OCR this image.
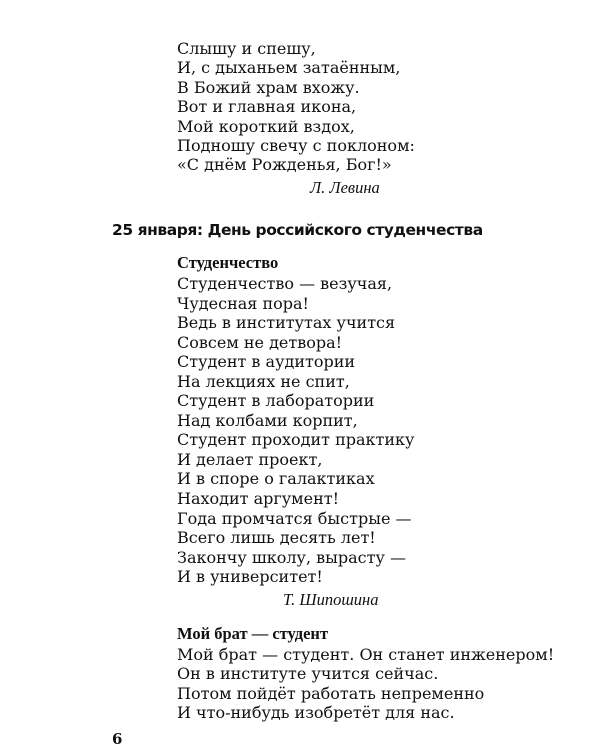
Слышу и спешу,
И, с дыханьем затаённым,
В Божий храм вхожу.
Вот и главная икона,
Мой короткий вздох,
Подношу свечу с поклоном:
«С днём Рожденья, Бог!»
Л. Левина
25 января: День российского студенчества
Студенчество
Студенчество — везучая,
Чудесная пора!
Ведь в институтах учится
Совсем не детвора!
Студент в аудитории
На лекциях не спит,
Студент в лаборатории
Над колбами корпит,
Студент проходит практику
И делает проект,
И в споре о галактиках
Находит аргумент!
Года промчатся быстрые —
Всего лишь десять лет!
Закончу школу, вырасту —
И в университет!
Т. Шипошина
Мой брат — студент
Мой брат — студент. Он станет инженером!
Он в институте учится сейчас.
Потом пойдёт работать непременно
И что-нибудь изобретёт для нас.
6
